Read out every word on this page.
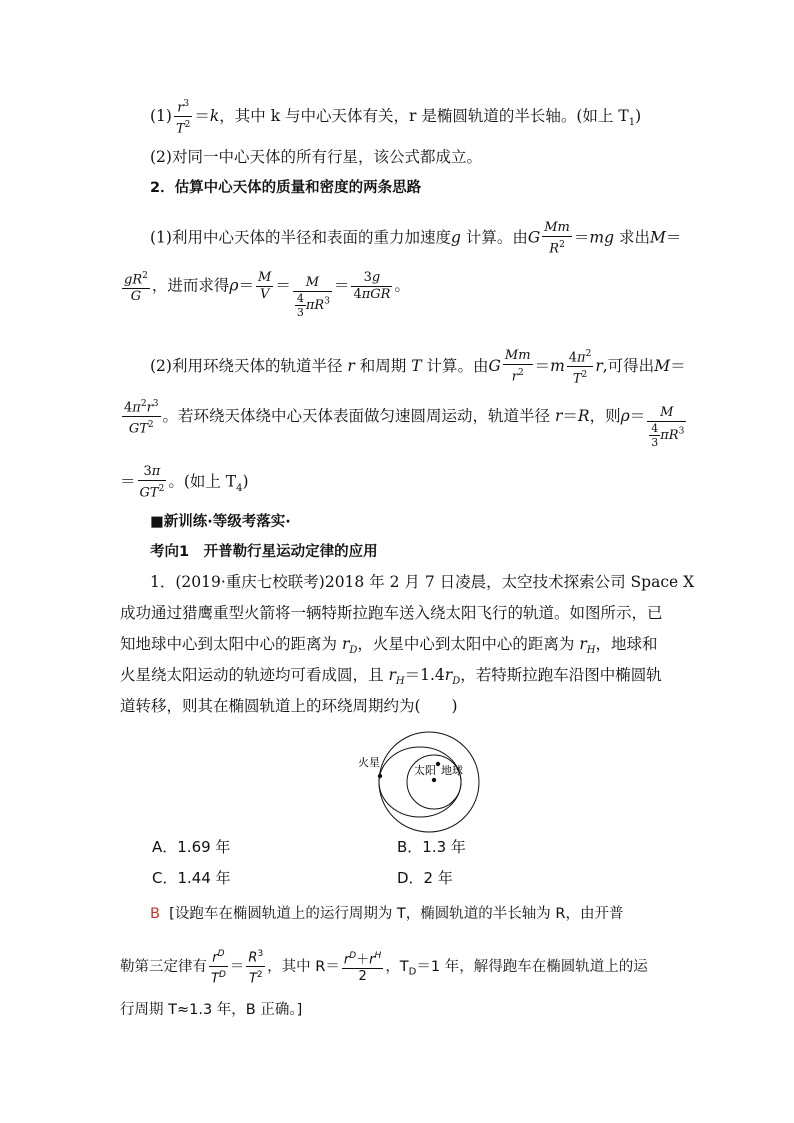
$(1) \frac{r^3}{T^2} =k$，其中 k 与中心天体有关，r 是椭圆轨道的半长轴。(如上 $T_1$)
(2)对同一中心天体的所有行星，该公式都成立。
2．估算中心天体的质量和密度的两条思路
(1)利用中心天体的半径和表面的重力加速度g 计算。由G $\frac{Mm}{R^2} =mg$ 求出M＝
$\frac{gR^2}{G}$ ，进而求得$\rho= \frac{M}{V} = \frac{M}{\frac{4}{3} \pi R^3} = \frac{3g}{\text{4πGR}}$ 。
(2)利用环绕天体的轨道半径 r 和周期 T 计算。由G $\frac{Mm}{r^2} =m \frac{4\pi^2}{T^2} r$,可得出M＝
$\frac{4\pi^2r^3}{GT^2}$ 。若环绕天体绕中心天体表面做匀速圆周运动，轨道半径 r＝R，则$\rho= \frac{M}{\frac{4}{3} \pi R^3}$
＝ $\frac{3\pi}{GT^2}$ 。(如上 $T_4$)
■新训练·等级考落实·
考向1　开普勒行星运动定律的应用
1．(2019·重庆七校联考)2018 年 2 月 7 日凌晨，太空技术探索公司 Space X
成功通过猎鹰重型火箭将一辆特斯拉跑车送入绕太阳飞行的轨道。如图所示，已
知地球中心到太阳中心的距离为 $r_D$，火星中心到太阳中心的距离为 $r_H$，地球和
火星绕太阳运动的轨迹均可看成圆，且 $r_H=1.4r_D$，若特斯拉跑车沿图中椭圆轨
道转移，则其在椭圆轨道上的环绕周期约为(　　)
火星
太阳 地球
A．1.69 年	B．1.3 年
C．1.44 年	D．2 年
B [设跑车在椭圆轨道上的运行周期为 T，椭圆轨道的半长轴为 R，由开普
勒第三定律有 $\frac{r^D}{T^D} = \frac{R^3}{T^2}$ ，其中 $R= \frac{r^D+r^H}{2}$ ，$T_D=1$ 年，解得跑车在椭圆轨道上的运
行周期 T≈1.3 年，B 正确。]
